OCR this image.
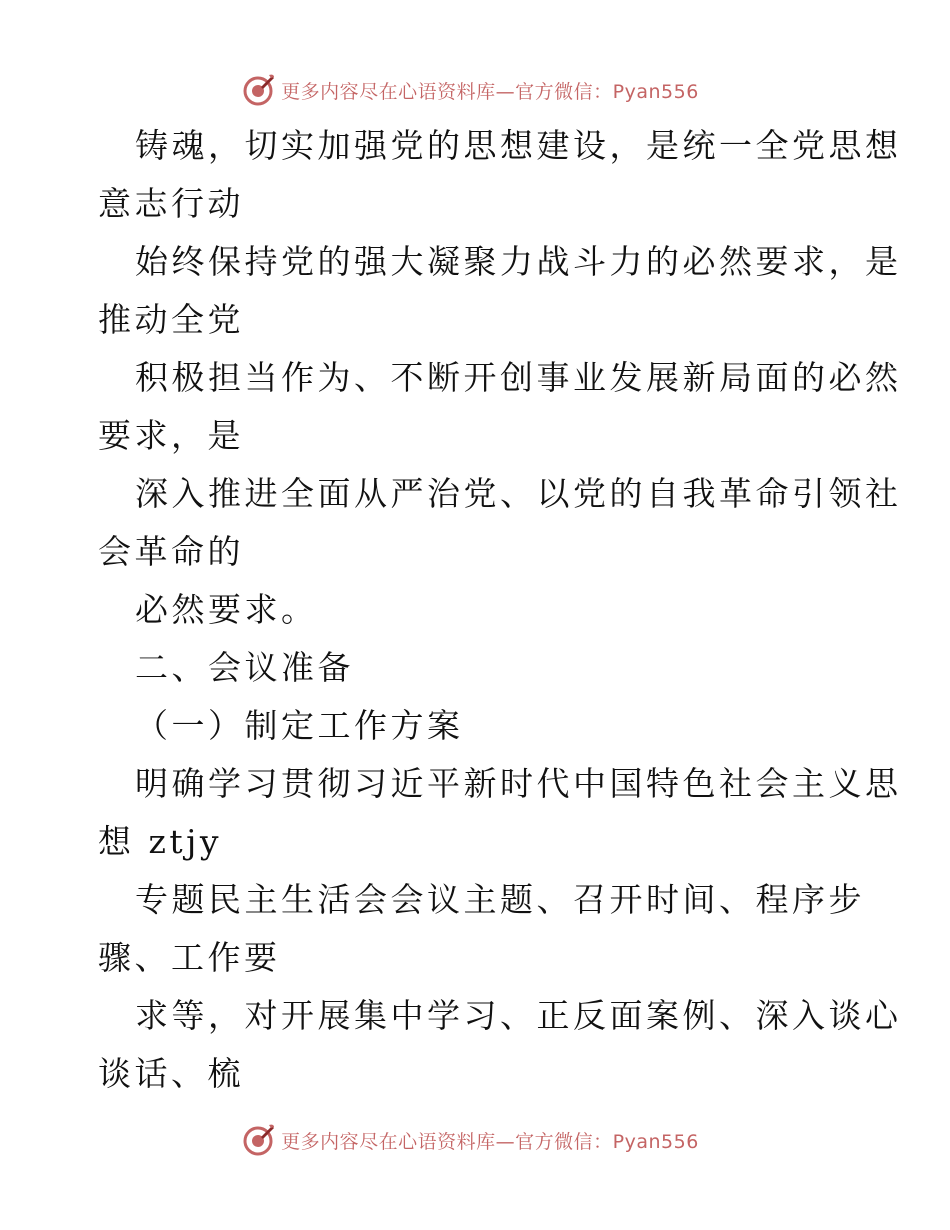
更多内容尽在心语资料库—官方微信：Pyan556
铸魂，切实加强党的思想建设，是统一全党思想
意志行动
始终保持党的强大凝聚力战斗力的必然要求，是
推动全党
积极担当作为、不断开创事业发展新局面的必然
要求，是
深入推进全面从严治党、以党的自我革命引领社
会革命的
必然要求。
二、会议准备
（一）制定工作方案
明确学习贯彻习近平新时代中国特色社会主义思
想 ztjy
专题民主生活会会议主题、召开时间、程序步
骤、工作要
求等，对开展集中学习、正反面案例、深入谈心
谈话、梳
更多内容尽在心语资料库—官方微信：Pyan556
